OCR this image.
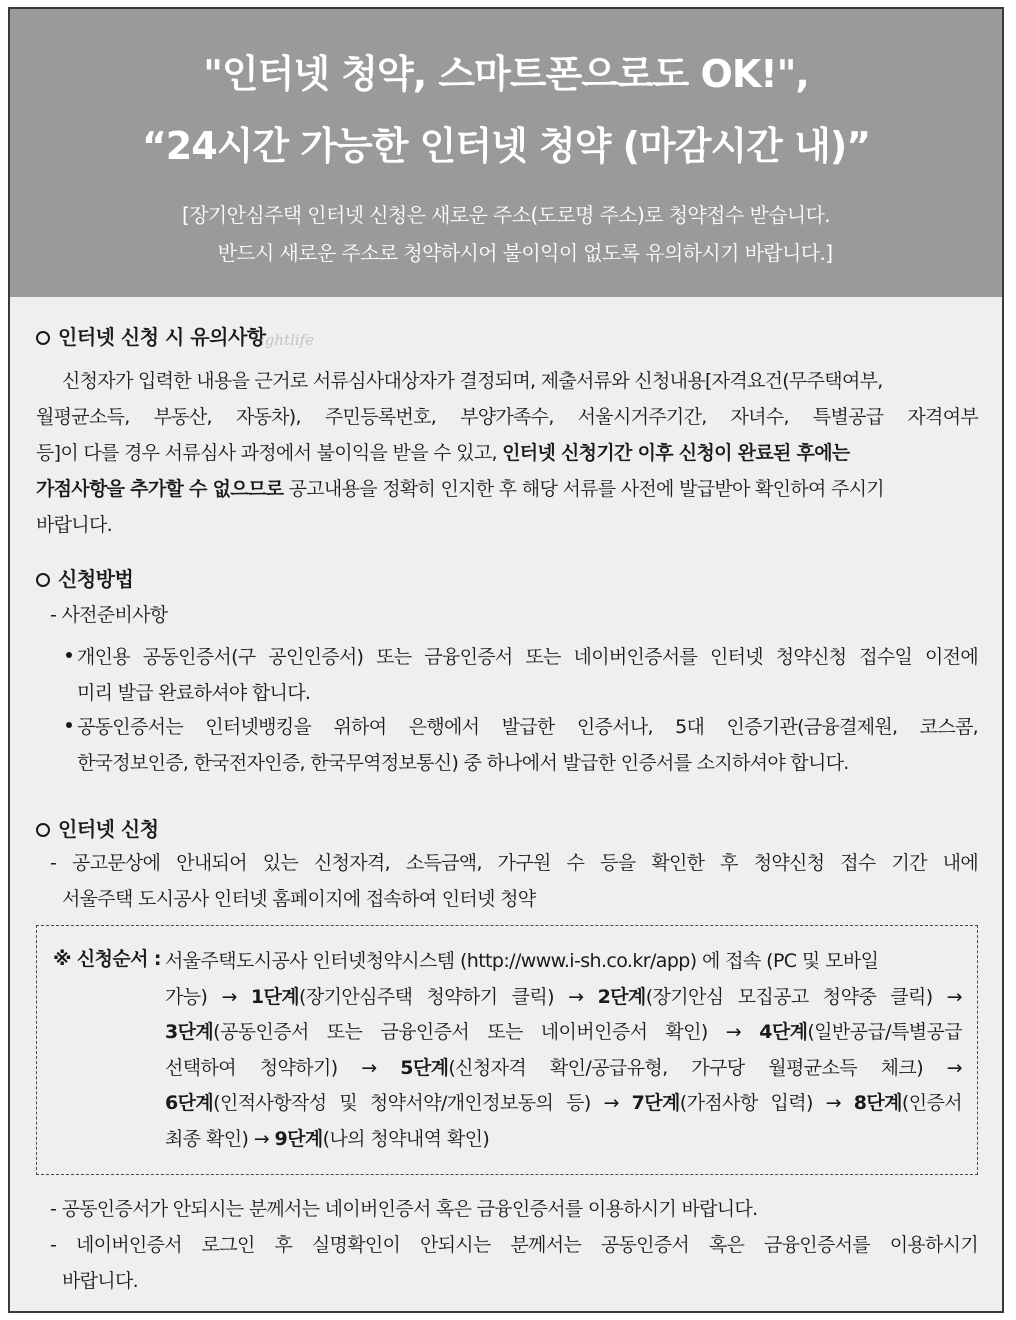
"인터넷 청약, 스마트폰으로도 OK!",
“24시간 가능한 인터넷 청약 (마감시간 내)”
[장기안심주택 인터넷 신청은 새로운 주소(도로명 주소)로 청약접수 받습니다.
반드시 새로운 주소로 청약하시어 불이익이 없도록 유의하시기 바랍니다.]
ightlife
인터넷 신청 시 유의사항
신청자가 입력한 내용을 근거로 서류심사대상자가 결정되며, 제출서류와 신청내용[자격요건(무주택여부,
월평균소득, 부동산, 자동차), 주민등록번호, 부양가족수, 서울시거주기간, 자녀수, 특별공급 자격여부
등]이 다를 경우 서류심사 과정에서 불이익을 받을 수 있고, 인터넷 신청기간 이후 신청이 완료된 후에는
가점사항을 추가할 수 없으므로 공고내용을 정확히 인지한 후 해당 서류를 사전에 발급받아 확인하여 주시기
바랍니다.
신청방법
- 사전준비사항
개인용 공동인증서(구 공인인증서) 또는 금융인증서 또는 네이버인증서를 인터넷 청약신청 접수일 이전에
미리 발급 완료하셔야 합니다.
공동인증서는 인터넷뱅킹을 위하여 은행에서 발급한 인증서나, 5대 인증기관(금융결제원, 코스콤,
한국정보인증, 한국전자인증, 한국무역정보통신) 중 하나에서 발급한 인증서를 소지하셔야 합니다.
인터넷 신청
- 공고문상에 안내되어 있는 신청자격, 소득금액, 가구원 수 등을 확인한 후 청약신청 접수 기간 내에
서울주택 도시공사 인터넷 홈페이지에 접속하여 인터넷 청약
※ 신청순서 : 서울주택도시공사 인터넷청약시스템 (http://www.i-sh.co.kr/app) 에 접속 (PC 및 모바일
가능) → 1단계(장기안심주택 청약하기 클릭) → 2단계(장기안심 모집공고 청약중 클릭) →
3단계(공동인증서 또는 금융인증서 또는 네이버인증서 확인) → 4단계(일반공급/특별공급
선택하여 청약하기) → 5단계(신청자격 확인/공급유형, 가구당 월평균소득 체크) →
6단계(인적사항작성 및 청약서약/개인정보동의 등) → 7단계(가점사항 입력) → 8단계(인증서
최종 확인) → 9단계(나의 청약내역 확인)
- 공동인증서가 안되시는 분께서는 네이버인증서 혹은 금융인증서를 이용하시기 바랍니다.
- 네이버인증서 로그인 후 실명확인이 안되시는 분께서는 공동인증서 혹은 금융인증서를 이용하시기
바랍니다.
